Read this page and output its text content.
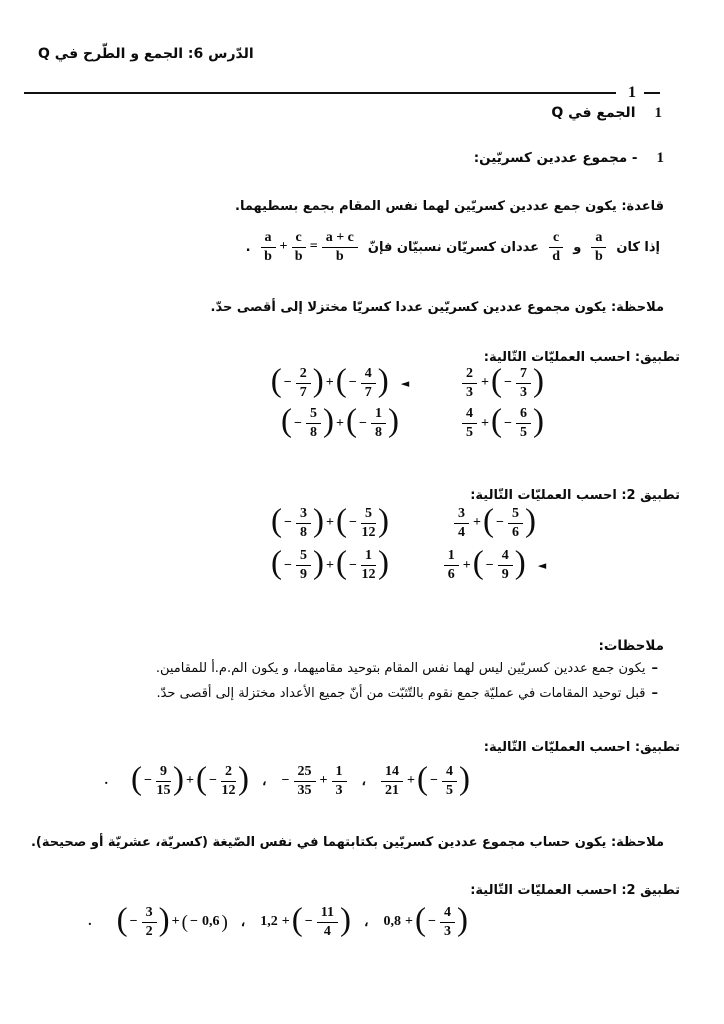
الدّرس 6: الجمع و الطّرح في Q
1
1
الجمع في Q
1
- مجموع عددين كسريّين:
قاعدة: يكون جمع عددين كسريّين لهما نفس المقام بجمع بسطيهما.
إذا كان
$\frac{a}{b}$
و
$\frac{c}{d}$
عددان كسريّان نسبيّان فإنّ
$\frac{a}{b} + \frac{c}{b} = \frac{a + c}{b}$
.
ملاحظة: يكون مجموع عددين كسريّين عددا كسريّا مختزلا إلى أقصى حدّ.
تطبيق: احسب العمليّات التّالية:
$\frac{2}{3}$ + ( − $\frac{7}{3}$ )
( − $\frac{2}{7}$ ) + ( − $\frac{4}{7}$ ) ◄
$\frac{4}{5}$ + ( − $\frac{6}{5}$ )
( − $\frac{5}{8}$ ) + ( − $\frac{1}{8}$ )
تطبيق 2: احسب العمليّات التّالية:
$\frac{3}{4}$ + ( − $\frac{5}{6}$ )
( − $\frac{3}{8}$ ) + ( − $\frac{5}{12}$ )
$\frac{1}{6}$ + ( − $\frac{4}{9}$ ) ◄
( − $\frac{5}{9}$ ) + ( − $\frac{1}{12}$ )
ملاحظات:
–
يكون جمع عددين كسريّين ليس لهما نفس المقام بتوحيد مقاميهما، و يكون الم.م.أ للمقامين.
–
قبل توحيد المقامات في عمليّة جمع نقوم بالتّثبّت من أنّ جميع الأعداد مختزلة إلى أقصى حدّ.
تطبيق: احسب العمليّات التّالية:
$\frac{14}{21}$ + ( − $\frac{4}{5}$ )
،
− $\frac{25}{35} + \frac{1}{3}$
،
( − $\frac{9}{15}$ ) + ( − $\frac{2}{12}$ )
.
ملاحظة: يكون حساب مجموع عددين كسريّين بكتابتهما في نفس الصّيغة (كسريّة، عشريّة أو صحيحة).
تطبيق 2: احسب العمليّات التّالية:
0,8 + ( − $\frac{4}{3}$ )
،
1,2 + ( − $\frac{11}{4}$ )
،
( − $\frac{3}{2}$ ) + ( − 0,6 )
.
